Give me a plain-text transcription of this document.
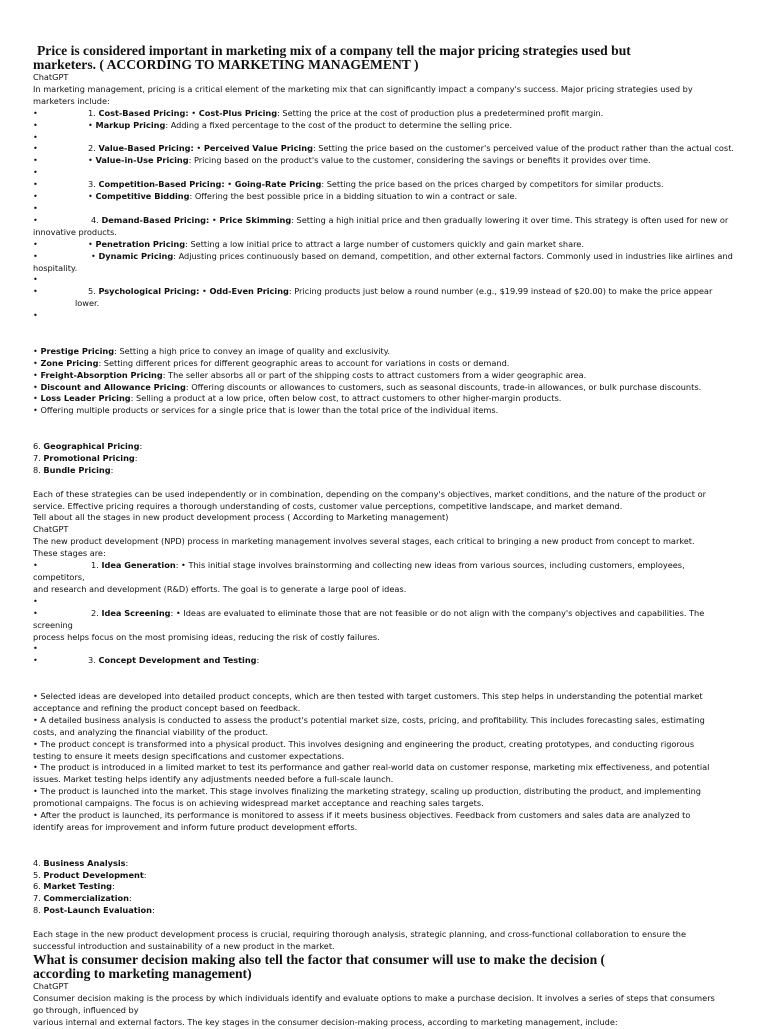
Price is considered important in marketing mix of a company tell the major pricing strategies used but
marketers. ( ACCORDING TO MARKETING MANAGEMENT )

ChatGPT

In marketing management, pricing is a critical element of the marketing mix that can significantly impact a company's success. Major pricing strategies used by
marketers include:

•	1. Cost-Based Pricing: • Cost-Plus Pricing: Setting the price at the cost of production plus a predetermined profit margin.

•	• Markup Pricing: Adding a fixed percentage to the cost of the product to determine the selling price.

•

•	2. Value-Based Pricing: • Perceived Value Pricing: Setting the price based on the customer's perceived value of the product rather than the actual cost.

•	• Value-in-Use Pricing: Pricing based on the product's value to the customer, considering the savings or benefits it provides over time.

•

•	3. Competition-Based Pricing: • Going-Rate Pricing: Setting the price based on the prices charged by competitors for similar products.

•	• Competitive Bidding: Offering the best possible price in a bidding situation to win a contract or sale.

•

•	4. Demand-Based Pricing: • Price Skimming: Setting a high initial price and then gradually lowering it over time. This strategy is often used for new or
innovative products.

•	• Penetration Pricing: Setting a low initial price to attract a large number of customers quickly and gain market share.

•	• Dynamic Pricing: Adjusting prices continuously based on demand, competition, and other external factors. Commonly used in industries like airlines and
hospitality.

•

•	5. Psychological Pricing: • Odd-Even Pricing: Pricing products just below a round number (e.g., $19.99 instead of $20.00) to make the price appear lower.

•

• Prestige Pricing: Setting a high price to convey an image of quality and exclusivity.

• Zone Pricing: Setting different prices for different geographic areas to account for variations in costs or demand.

• Freight-Absorption Pricing: The seller absorbs all or part of the shipping costs to attract customers from a wider geographic area.

• Discount and Allowance Pricing: Offering discounts or allowances to customers, such as seasonal discounts, trade-in allowances, or bulk purchase discounts.

• Loss Leader Pricing: Selling a product at a low price, often below cost, to attract customers to other higher-margin products.

• Offering multiple products or services for a single price that is lower than the total price of the individual items.

6. Geographical Pricing:

7. Promotional Pricing:

8. Bundle Pricing:

Each of these strategies can be used independently or in combination, depending on the company's objectives, market conditions, and the nature of the product or
service. Effective pricing requires a thorough understanding of costs, customer value perceptions, competitive landscape, and market demand.

Tell about all the stages in new product development process ( According to Marketing management)

ChatGPT

The new product development (NPD) process in marketing management involves several stages, each critical to bringing a new product from concept to market.
These stages are:

•	1. Idea Generation: • This initial stage involves brainstorming and collecting new ideas from various sources, including customers, employees, competitors,
and research and development (R&D) efforts. The goal is to generate a large pool of ideas.

•

•	2. Idea Screening: • Ideas are evaluated to eliminate those that are not feasible or do not align with the company's objectives and capabilities. The screening
process helps focus on the most promising ideas, reducing the risk of costly failures.

•

•	3. Concept Development and Testing:

• Selected ideas are developed into detailed product concepts, which are then tested with target customers. This step helps in understanding the potential market
acceptance and refining the product concept based on feedback.

• A detailed business analysis is conducted to assess the product's potential market size, costs, pricing, and profitability. This includes forecasting sales, estimating
costs, and analyzing the financial viability of the product.

• The product concept is transformed into a physical product. This involves designing and engineering the product, creating prototypes, and conducting rigorous
testing to ensure it meets design specifications and customer expectations.

• The product is introduced in a limited market to test its performance and gather real-world data on customer response, marketing mix effectiveness, and potential
issues. Market testing helps identify any adjustments needed before a full-scale launch.

• The product is launched into the market. This stage involves finalizing the marketing strategy, scaling up production, distributing the product, and implementing
promotional campaigns. The focus is on achieving widespread market acceptance and reaching sales targets.

• After the product is launched, its performance is monitored to assess if it meets business objectives. Feedback from customers and sales data are analyzed to
identify areas for improvement and inform future product development efforts.

4. Business Analysis:

5. Product Development:

6. Market Testing:

7. Commercialization:

8. Post-Launch Evaluation:

Each stage in the new product development process is crucial, requiring thorough analysis, strategic planning, and cross-functional collaboration to ensure the
successful introduction and sustainability of a new product in the market.

What is consumer decision making also tell the factor that consumer will use to make the decision (
according to marketing management)

ChatGPT

Consumer decision making is the process by which individuals identify and evaluate options to make a purchase decision. It involves a series of steps that consumers
go through, influenced by
various internal and external factors. The key stages in the consumer decision-making process, according to marketing management, include:
